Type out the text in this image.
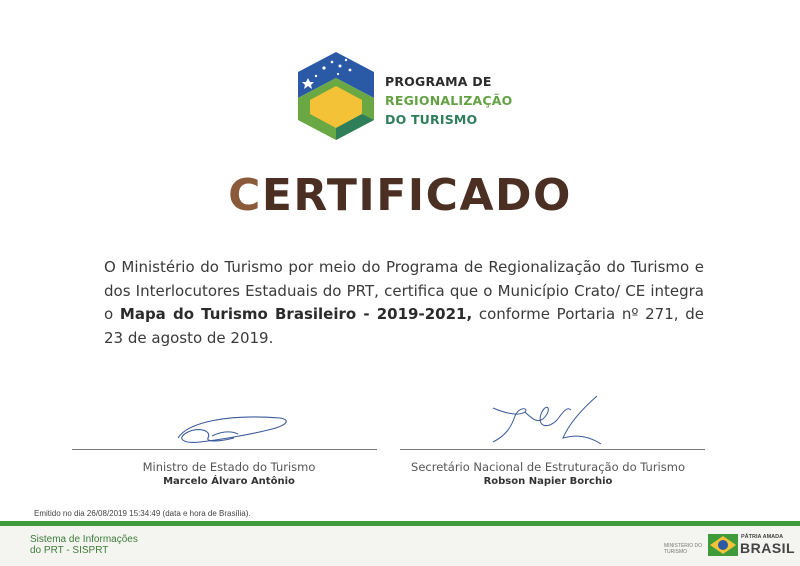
PROGRAMA DE
REGIONALIZAÇÃO
DO TURISMO
CERTIFICADO
O Ministério do Turismo por meio do Programa de Regionalização do Turismo e dos Interlocutores Estaduais do PRT, certifica que o Município Crato/ CE integra o Mapa do Turismo Brasileiro - 2019-2021, conforme Portaria nº 271, de 23 de agosto de 2019.
Ministro de Estado do Turismo
Marcelo Álvaro Antônio
Secretário Nacional de Estruturação do Turismo
Robson Napier Borchio
Emitido no dia 26/08/2019 15:34:49 (data e hora de Brasília).
Sistema de Informações
do PRT - SISPRT	MINISTÉRIO DO
TURISMO
PÁTRIA AMADA
BRASIL
